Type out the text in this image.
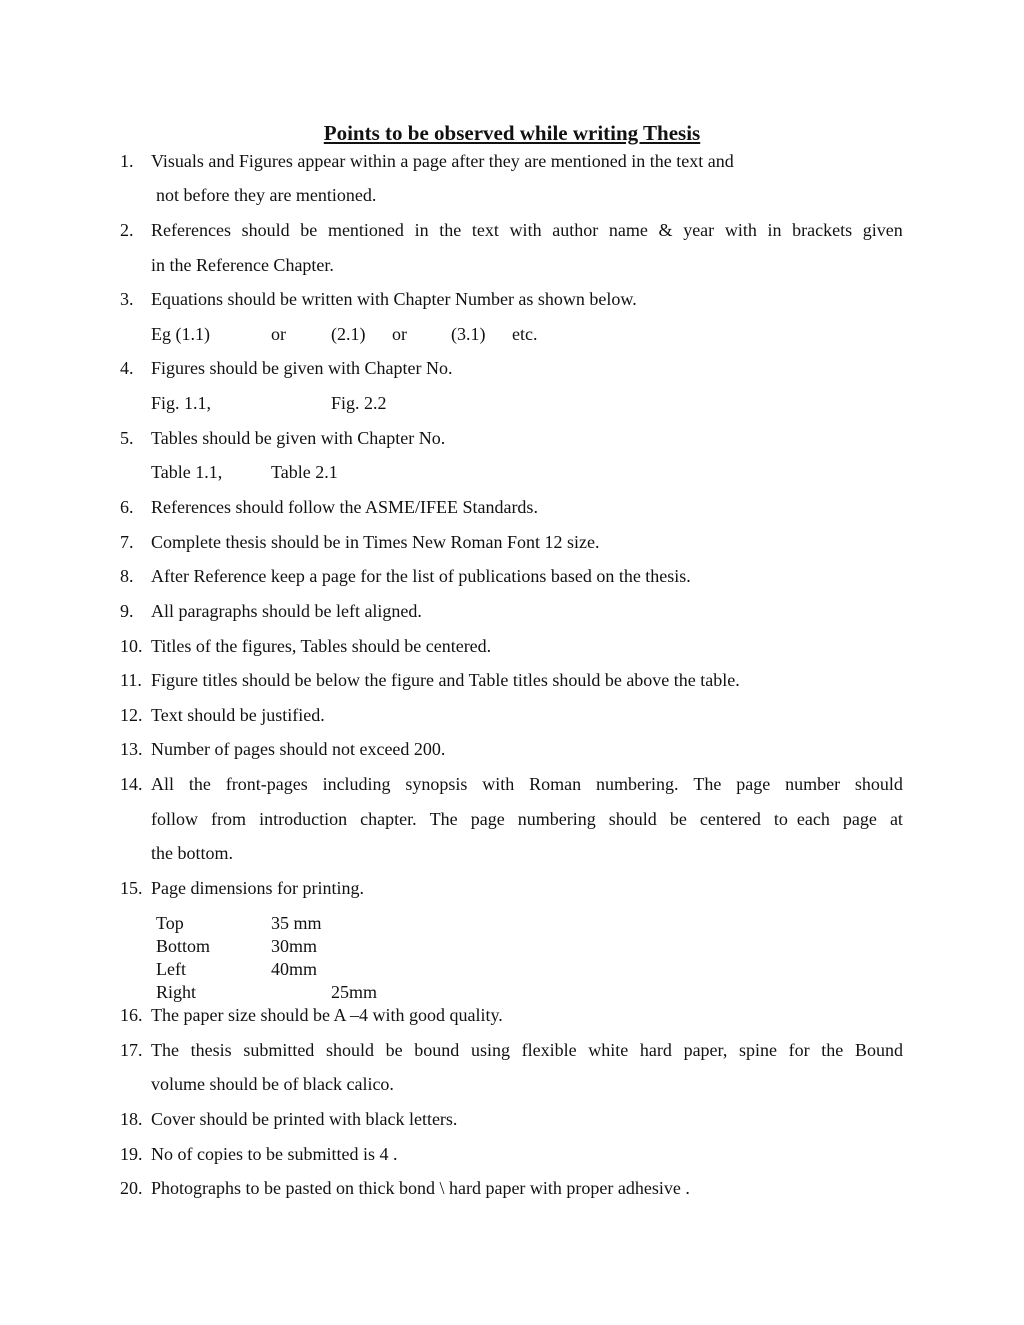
Points to be observed while writing Thesis
1. Visuals and Figures appear within a page after they are mentioned in the text and
not before they are mentioned.
2. References should be mentioned in the text with author name & year with in brackets given
in the Reference Chapter.
3. Equations should be written with Chapter Number as shown below.
Eg (1.1)	or	(2.1) or (3.1) etc.
4. Figures should be given with Chapter No.
Fig. 1.1,	Fig. 2.2
5. Tables should be given with Chapter No.
Table 1.1,	Table 2.1
6. References should follow the ASME/IFEE Standards.
7. Complete thesis should be in Times New Roman Font 12 size.
8. After Reference keep a page for the list of publications based on the thesis.
9. All paragraphs should be left aligned.
10. Titles of the figures, Tables should be centered.
11. Figure titles should be below the figure and Table titles should be above the table.
12. Text should be justified.
13. Number of pages should not exceed 200.
14. All the front-pages including synopsis with Roman numbering. The page number should
follow from introduction chapter. The page numbering should be centered to  each page at
the bottom.
15. Page dimensions for printing.
Top	35 mm
Bottom	30mm
Left	40mm
Right	25mm
16. The paper size should be A –4 with good quality.
17. The thesis submitted should be bound using flexible white hard paper, spine for the Bound
volume should be of black calico.
18. Cover should be printed with black letters.
19. No of copies to be submitted is 4 .
20. Photographs to be pasted on thick bond \ hard paper with proper adhesive .
